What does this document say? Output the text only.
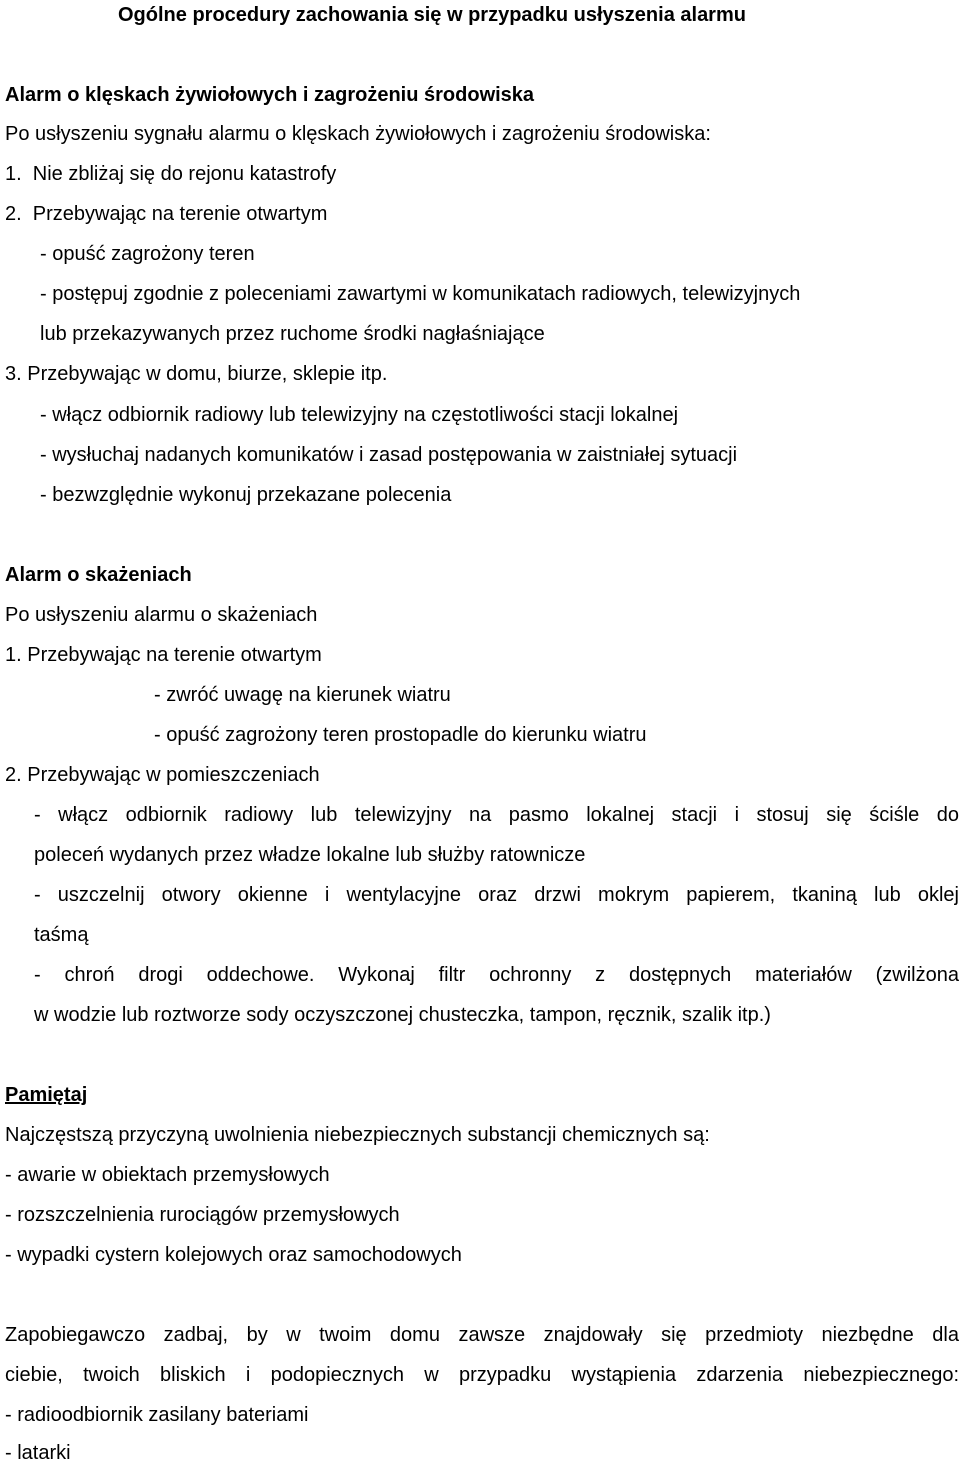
Ogólne procedury zachowania się w przypadku usłyszenia alarmu
Alarm o klęskach żywiołowych i zagrożeniu środowiska
Po usłyszeniu sygnału alarmu o klęskach żywiołowych i zagrożeniu środowiska:
1.  Nie zbliżaj się do rejonu katastrofy
2.  Przebywając na terenie otwartym
- opuść zagrożony teren
- postępuj zgodnie z poleceniami zawartymi w komunikatach radiowych, telewizyjnych
lub przekazywanych przez ruchome środki nagłaśniające
3. Przebywając w domu, biurze, sklepie itp.
- włącz odbiornik radiowy lub telewizyjny na częstotliwości stacji lokalnej
- wysłuchaj nadanych komunikatów i zasad postępowania w zaistniałej sytuacji
- bezwzględnie wykonuj przekazane polecenia
Alarm o skażeniach
Po usłyszeniu alarmu o skażeniach
1. Przebywając na terenie otwartym
- zwróć uwagę na kierunek wiatru
- opuść zagrożony teren prostopadle do kierunku wiatru
2. Przebywając w pomieszczeniach
- włącz odbiornik radiowy lub telewizyjny na pasmo lokalnej stacji i stosuj się ściśle do
poleceń wydanych przez władze lokalne lub służby ratownicze
- uszczelnij otwory okienne i wentylacyjne oraz drzwi mokrym papierem, tkaniną lub oklej
taśmą
- chroń drogi oddechowe. Wykonaj filtr ochronny z dostępnych materiałów (zwilżona
w wodzie lub roztworze sody oczyszczonej chusteczka, tampon, ręcznik, szalik itp.)
Pamiętaj
Najczęstszą przyczyną uwolnienia niebezpiecznych substancji chemicznych są:
- awarie w obiektach przemysłowych
- rozszczelnienia rurociągów przemysłowych
- wypadki cystern kolejowych oraz samochodowych
Zapobiegawczo zadbaj, by w twoim domu zawsze znajdowały się przedmioty niezbędne dla
ciebie, twoich bliskich i podopiecznych w przypadku wystąpienia zdarzenia niebezpiecznego:
- radioodbiornik zasilany bateriami
- latarki
